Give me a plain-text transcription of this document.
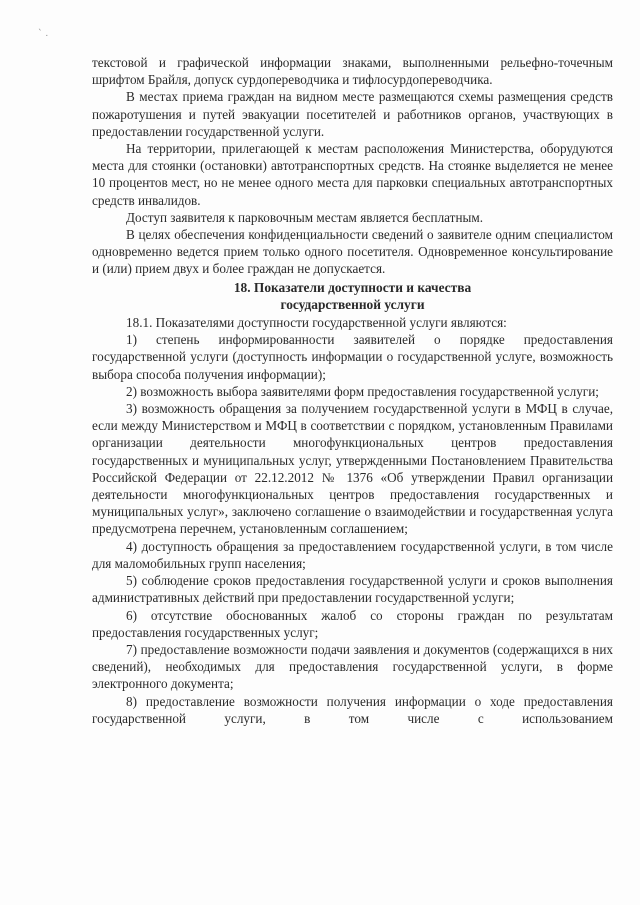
` .

текстовой и графической информации знаками, выполненными рельефно-точечным шрифтом Брайля, допуск сурдопереводчика и тифлосурдопереводчика.

В местах приема граждан на видном месте размещаются схемы размещения средств пожаротушения и путей эвакуации посетителей и работников органов, участвующих в предоставлении государственной услуги.

На территории, прилегающей к местам расположения Министерства, оборудуются места для стоянки (остановки) автотранспортных средств. На стоянке выделяется не менее 10 процентов мест, но не менее одного места для парковки специальных автотранспортных средств инвалидов.

Доступ заявителя к парковочным местам является бесплатным.

В целях обеспечения конфиденциальности сведений о заявителе одним специалистом одновременно ведется прием только одного посетителя. Одновременное консультирование и (или) прием двух и более граждан не допускается.

18. Показатели доступности и качества
государственной услуги

18.1. Показателями доступности государственной услуги являются:

1) степень информированности заявителей о порядке предоставления государственной услуги (доступность информации о государственной услуге, возможность выбора способа получения информации);

2) возможность выбора заявителями форм предоставления государственной услуги;

3) возможность обращения за получением государственной услуги в МФЦ в случае, если между Министерством и МФЦ в соответствии с порядком, установленным Правилами организации деятельности многофункциональных центров предоставления государственных и муниципальных услуг, утвержденными Постановлением Правительства Российской Федерации от 22.12.2012 № 1376 «Об утверждении Правил организации деятельности многофункциональных центров предоставления государственных и муниципальных услуг», заключено соглашение о взаимодействии и государственная услуга предусмотрена перечнем, установленным соглашением;

4) доступность обращения за предоставлением государственной услуги, в том числе для маломобильных групп населения;

5) соблюдение сроков предоставления государственной услуги и сроков выполнения административных действий при предоставлении государственной услуги;

6) отсутствие обоснованных жалоб со стороны граждан по результатам предоставления государственных услуг;

7) предоставление возможности подачи заявления и документов (содержащихся в них сведений), необходимых для предоставления государственной услуги, в форме электронного документа;

8) предоставление возможности получения информации о ходе предоставления государственной услуги, в том числе с использованием
